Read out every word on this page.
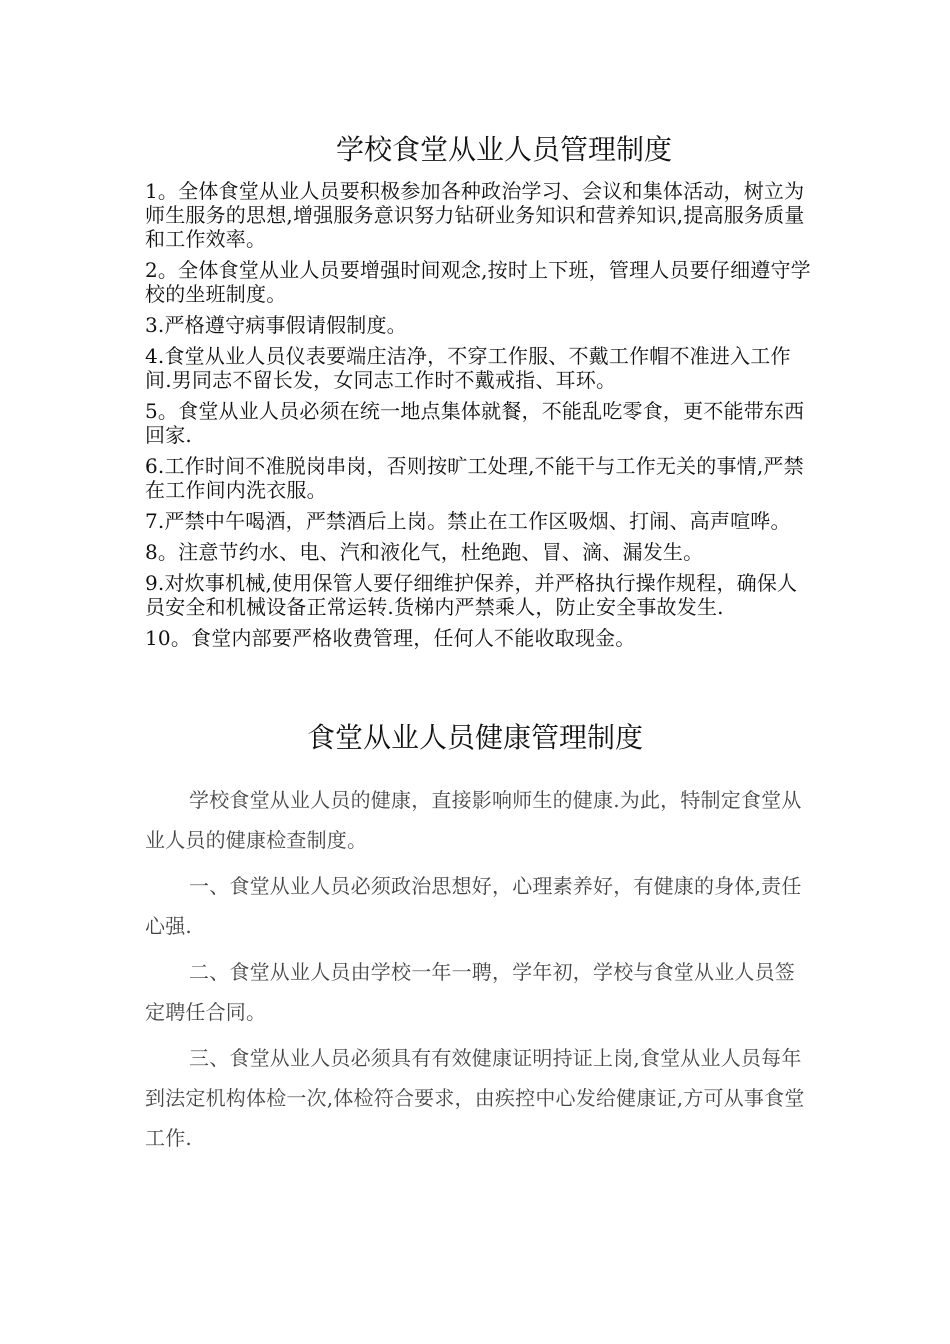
学校食堂从业人员管理制度
1。全体食堂从业人员要积极参加各种政治学习、会议和集体活动，树立为师生服务的思想,增强服务意识努力钻研业务知识和营养知识,提高服务质量和工作效率。
2。全体食堂从业人员要增强时间观念,按时上下班，管理人员要仔细遵守学校的坐班制度。
3.严格遵守病事假请假制度。
4.食堂从业人员仪表要端庄洁净，不穿工作服、不戴工作帽不准进入工作间.男同志不留长发，女同志工作时不戴戒指、耳环。
5。食堂从业人员必须在统一地点集体就餐，不能乱吃零食，更不能带东西回家.
6.工作时间不准脱岗串岗，否则按旷工处理,不能干与工作无关的事情,严禁在工作间内洗衣服。
7.严禁中午喝酒，严禁酒后上岗。禁止在工作区吸烟、打闹、高声喧哗。
8。注意节约水、电、汽和液化气，杜绝跑、冒、滴、漏发生。
9.对炊事机械,使用保管人要仔细维护保养，并严格执行操作规程，确保人员安全和机械设备正常运转.货梯内严禁乘人，防止安全事故发生.
10。食堂内部要严格收费管理，任何人不能收取现金。
食堂从业人员健康管理制度

学校食堂从业人员的健康，直接影响师生的健康.为此，特制定食堂从业人员的健康检查制度。

一、食堂从业人员必须政治思想好，心理素养好，有健康的身体,责任心强.

二、食堂从业人员由学校一年一聘，学年初，学校与食堂从业人员签定聘任合同。

三、食堂从业人员必须具有有效健康证明持证上岗,食堂从业人员每年到法定机构体检一次,体检符合要求，由疾控中心发给健康证,方可从事食堂工作.
